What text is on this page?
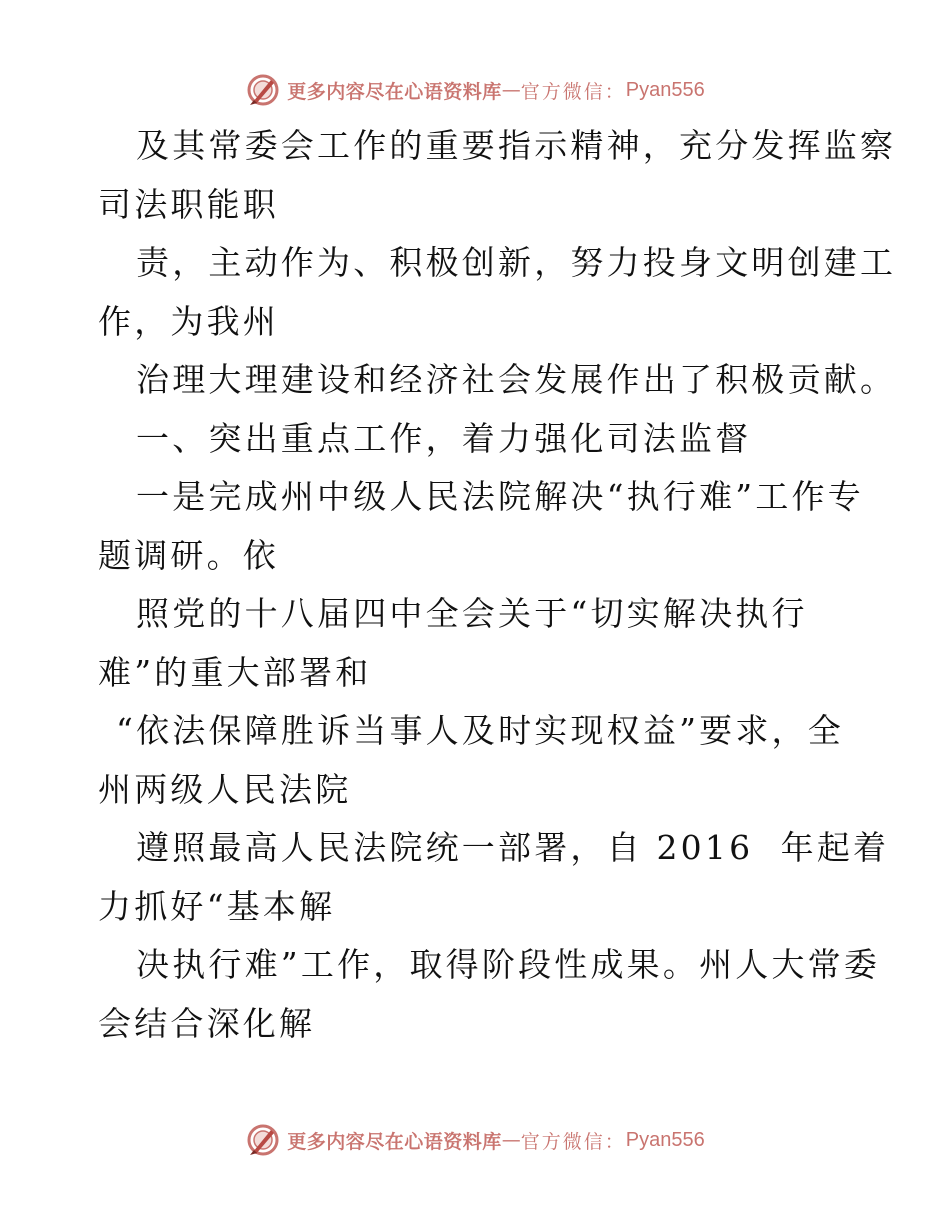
更多内容尽在心语资料库 — 官方微信： Pyan556
及其常委会工作的重要指示精神，充分发挥监察
司法职能职
责，主动作为、积极创新，努力投身文明创建工
作，为我州
治理大理建设和经济社会发展作出了积极贡献。
一、突出重点工作，着力强化司法监督
一是完成州中级人民法院解决“执行难”工作专
题调研。依
照党的十八届四中全会关于“切实解决执行
难”的重大部署和
“依法保障胜诉当事人及时实现权益”要求，全
州两级人民法院
遵照最高人民法院统一部署，自 2016  年起着
力抓好“基本解
决执行难”工作，取得阶段性成果。州人大常委
会结合深化解
更多内容尽在心语资料库 — 官方微信： Pyan556
